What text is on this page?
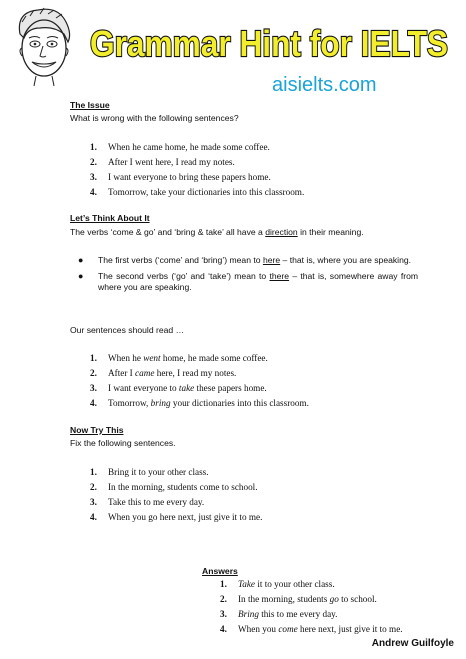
Grammar Hint for IELTS
aisielts.com
The Issue
What is wrong with the following sentences?
1. When he came home, he made some coffee.
2. After I went here, I read my notes.
3. I want everyone to bring these papers home.
4. Tomorrow, take your dictionaries into this classroom.
Let’s Think About It
The verbs ‘come & go’ and ‘bring & take’ all have a direction in their meaning.
● The first verbs (‘come’ and ‘bring’) mean to here – that is, where you are speaking.
● The second verbs (‘go’ and ‘take’) mean to there – that is, somewhere away from where you are speaking.
Our sentences should read …
1. When he went home, he made some coffee.
2. After I came here, I read my notes.
3. I want everyone to take these papers home.
4. Tomorrow, bring your dictionaries into this classroom.
Now Try This
Fix the following sentences.
1. Bring it to your other class.
2. In the morning, students come to school.
3. Take this to me every day.
4. When you go here next, just give it to me.
Answers
1. Take it to your other class.
2. In the morning, students go to school.
3. Bring this to me every day.
4. When you come here next, just give it to me.
Andrew Guilfoyle
